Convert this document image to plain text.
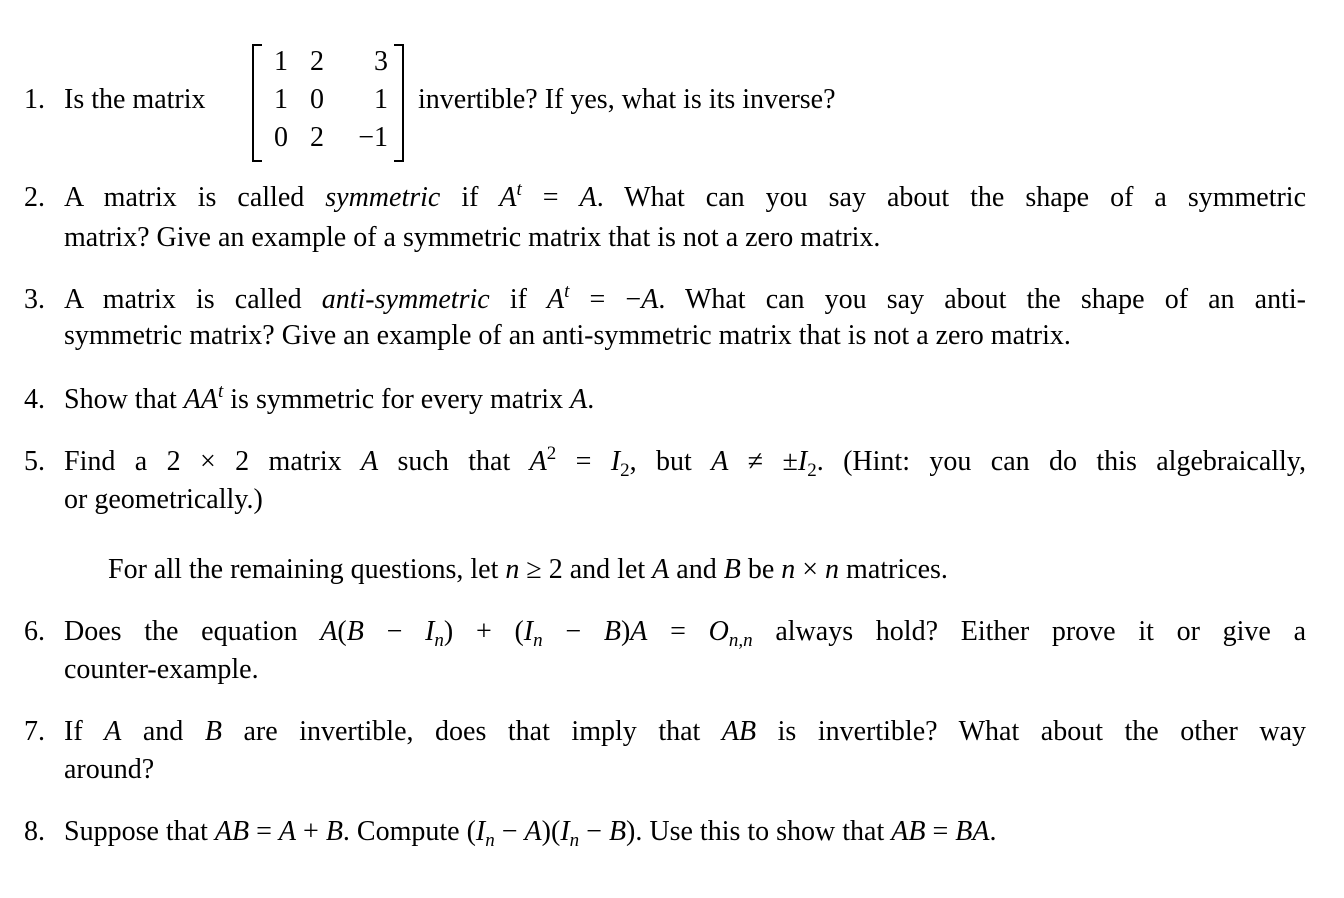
1. Is the matrix
1 2	3
1 0	1
0 2	−1
invertible? If yes, what is its inverse?
2. A matrix is called symmetric if $A^t = A$. What can you say about the shape of a symmetric
matrix? Give an example of a symmetric matrix that is not a zero matrix.
3. A matrix is called anti-symmetric if $A^t = -A$. What can you say about the shape of an anti-
symmetric matrix? Give an example of an anti-symmetric matrix that is not a zero matrix.
4. Show that $AA^t$ is symmetric for every matrix A.
5. Find a 2 × 2 matrix A such that $A^2 = I_2$, but $A \ne \pm I_2$. (Hint: you can do this algebraically,
or geometrically.)
For all the remaining questions, let n ≥ 2 and let A and B be n × n matrices.
6. Does the equation $A(B - I_n) + (I_n - B)A = O_{n,n}$ always hold? Either prove it or give a
counter-example.
7. If A and B are invertible, does that imply that AB is invertible? What about the other way
around?
8. Suppose that AB = A + B. Compute $(I_n - A)(I_n - B)$. Use this to show that AB = BA.
